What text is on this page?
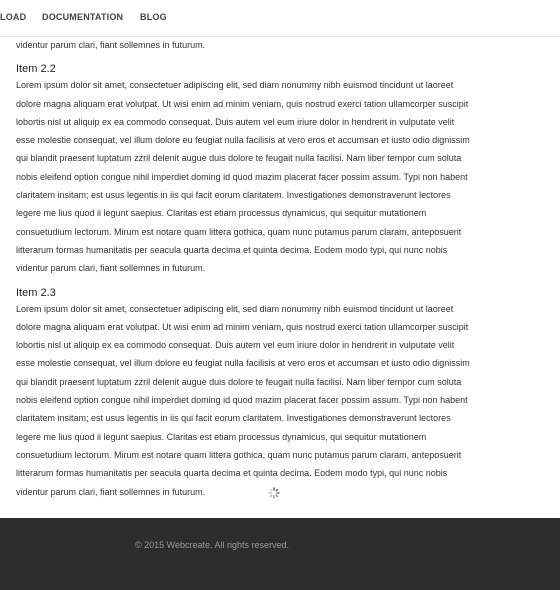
LOAD DOCUMENTATION BLOG

videntur parum clari, fiant sollemnes in futurum.

Item 2.2

Lorem ipsum dolor sit amet, consectetuer adipiscing elit, sed diam nonummy nibh euismod tincidunt ut laoreet

dolore magna aliquam erat volutpat. Ut wisi enim ad minim veniam, quis nostrud exerci tation ullamcorper suscipit

lobortis nisl ut aliquip ex ea commodo consequat. Duis autem vel eum iriure dolor in hendrerit in vulputate velit

esse molestie consequat, vel illum dolore eu feugiat nulla facilisis at vero eros et accumsan et iusto odio dignissim

qui blandit praesent luptatum zzril delenit augue duis dolore te feugait nulla facilisi. Nam liber tempor cum soluta

nobis eleifend option congue nihil imperdiet doming id quod mazim placerat facer possim assum. Typi non habent

claritatem insitam; est usus legentis in iis qui facit eorum claritatem. Investigationes demonstraverunt lectores

legere me lius quod ii legunt saepius. Claritas est etiam processus dynamicus, qui sequitur mutationem

consuetudium lectorum. Mirum est notare quam littera gothica, quam nunc putamus parum claram, anteposuerit

litterarum formas humanitatis per seacula quarta decima et quinta decima. Eodem modo typi, qui nunc nobis

videntur parum clari, fiant sollemnes in futurum.

Item 2.3

Lorem ipsum dolor sit amet, consectetuer adipiscing elit, sed diam nonummy nibh euismod tincidunt ut laoreet

dolore magna aliquam erat volutpat. Ut wisi enim ad minim veniam, quis nostrud exerci tation ullamcorper suscipit

lobortis nisl ut aliquip ex ea commodo consequat. Duis autem vel eum iriure dolor in hendrerit in vulputate velit

esse molestie consequat, vel illum dolore eu feugiat nulla facilisis at vero eros et accumsan et iusto odio dignissim

qui blandit praesent luptatum zzril delenit augue duis dolore te feugait nulla facilisi. Nam liber tempor cum soluta

nobis eleifend option congue nihil imperdiet doming id quod mazim placerat facer possim assum. Typi non habent

claritatem insitam; est usus legentis in iis qui facit eorum claritatem. Investigationes demonstraverunt lectores

legere me lius quod ii legunt saepius. Claritas est etiam processus dynamicus, qui sequitur mutationem

consuetudium lectorum. Mirum est notare quam littera gothica, quam nunc putamus parum claram, anteposuerit

litterarum formas humanitatis per seacula quarta decima et quinta decima. Eodem modo typi, qui nunc nobis

videntur parum clari, fiant sollemnes in futurum.

© 2015 Webcreate. All rights reserved.
